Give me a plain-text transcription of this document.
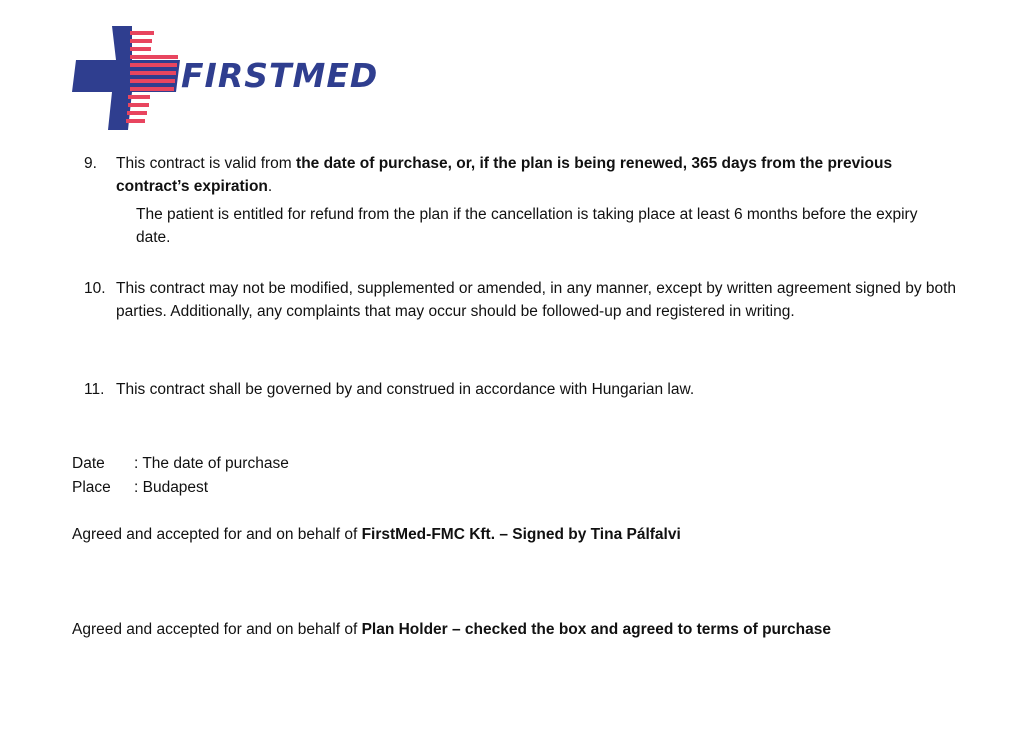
FIRSTMED
9.	This contract is valid from the date of purchase, or, if the plan is being renewed, 365 days from the previous contract’s expiration.
The patient is entitled for refund from the plan if the cancellation is taking place at least 6 months before the expiry date.
10. This contract may not be modified, supplemented or amended, in any manner, except by written agreement signed by both parties. Additionally, any complaints that may occur should be followed-up and registered in writing.
11. This contract shall be governed by and construed in accordance with Hungarian law.
Date : The date of purchase
Place : Budapest
Agreed and accepted for and on behalf of FirstMed-FMC Kft. – Signed by Tina Pálfalvi
Agreed and accepted for and on behalf of Plan Holder – checked the box and agreed to terms of purchase
